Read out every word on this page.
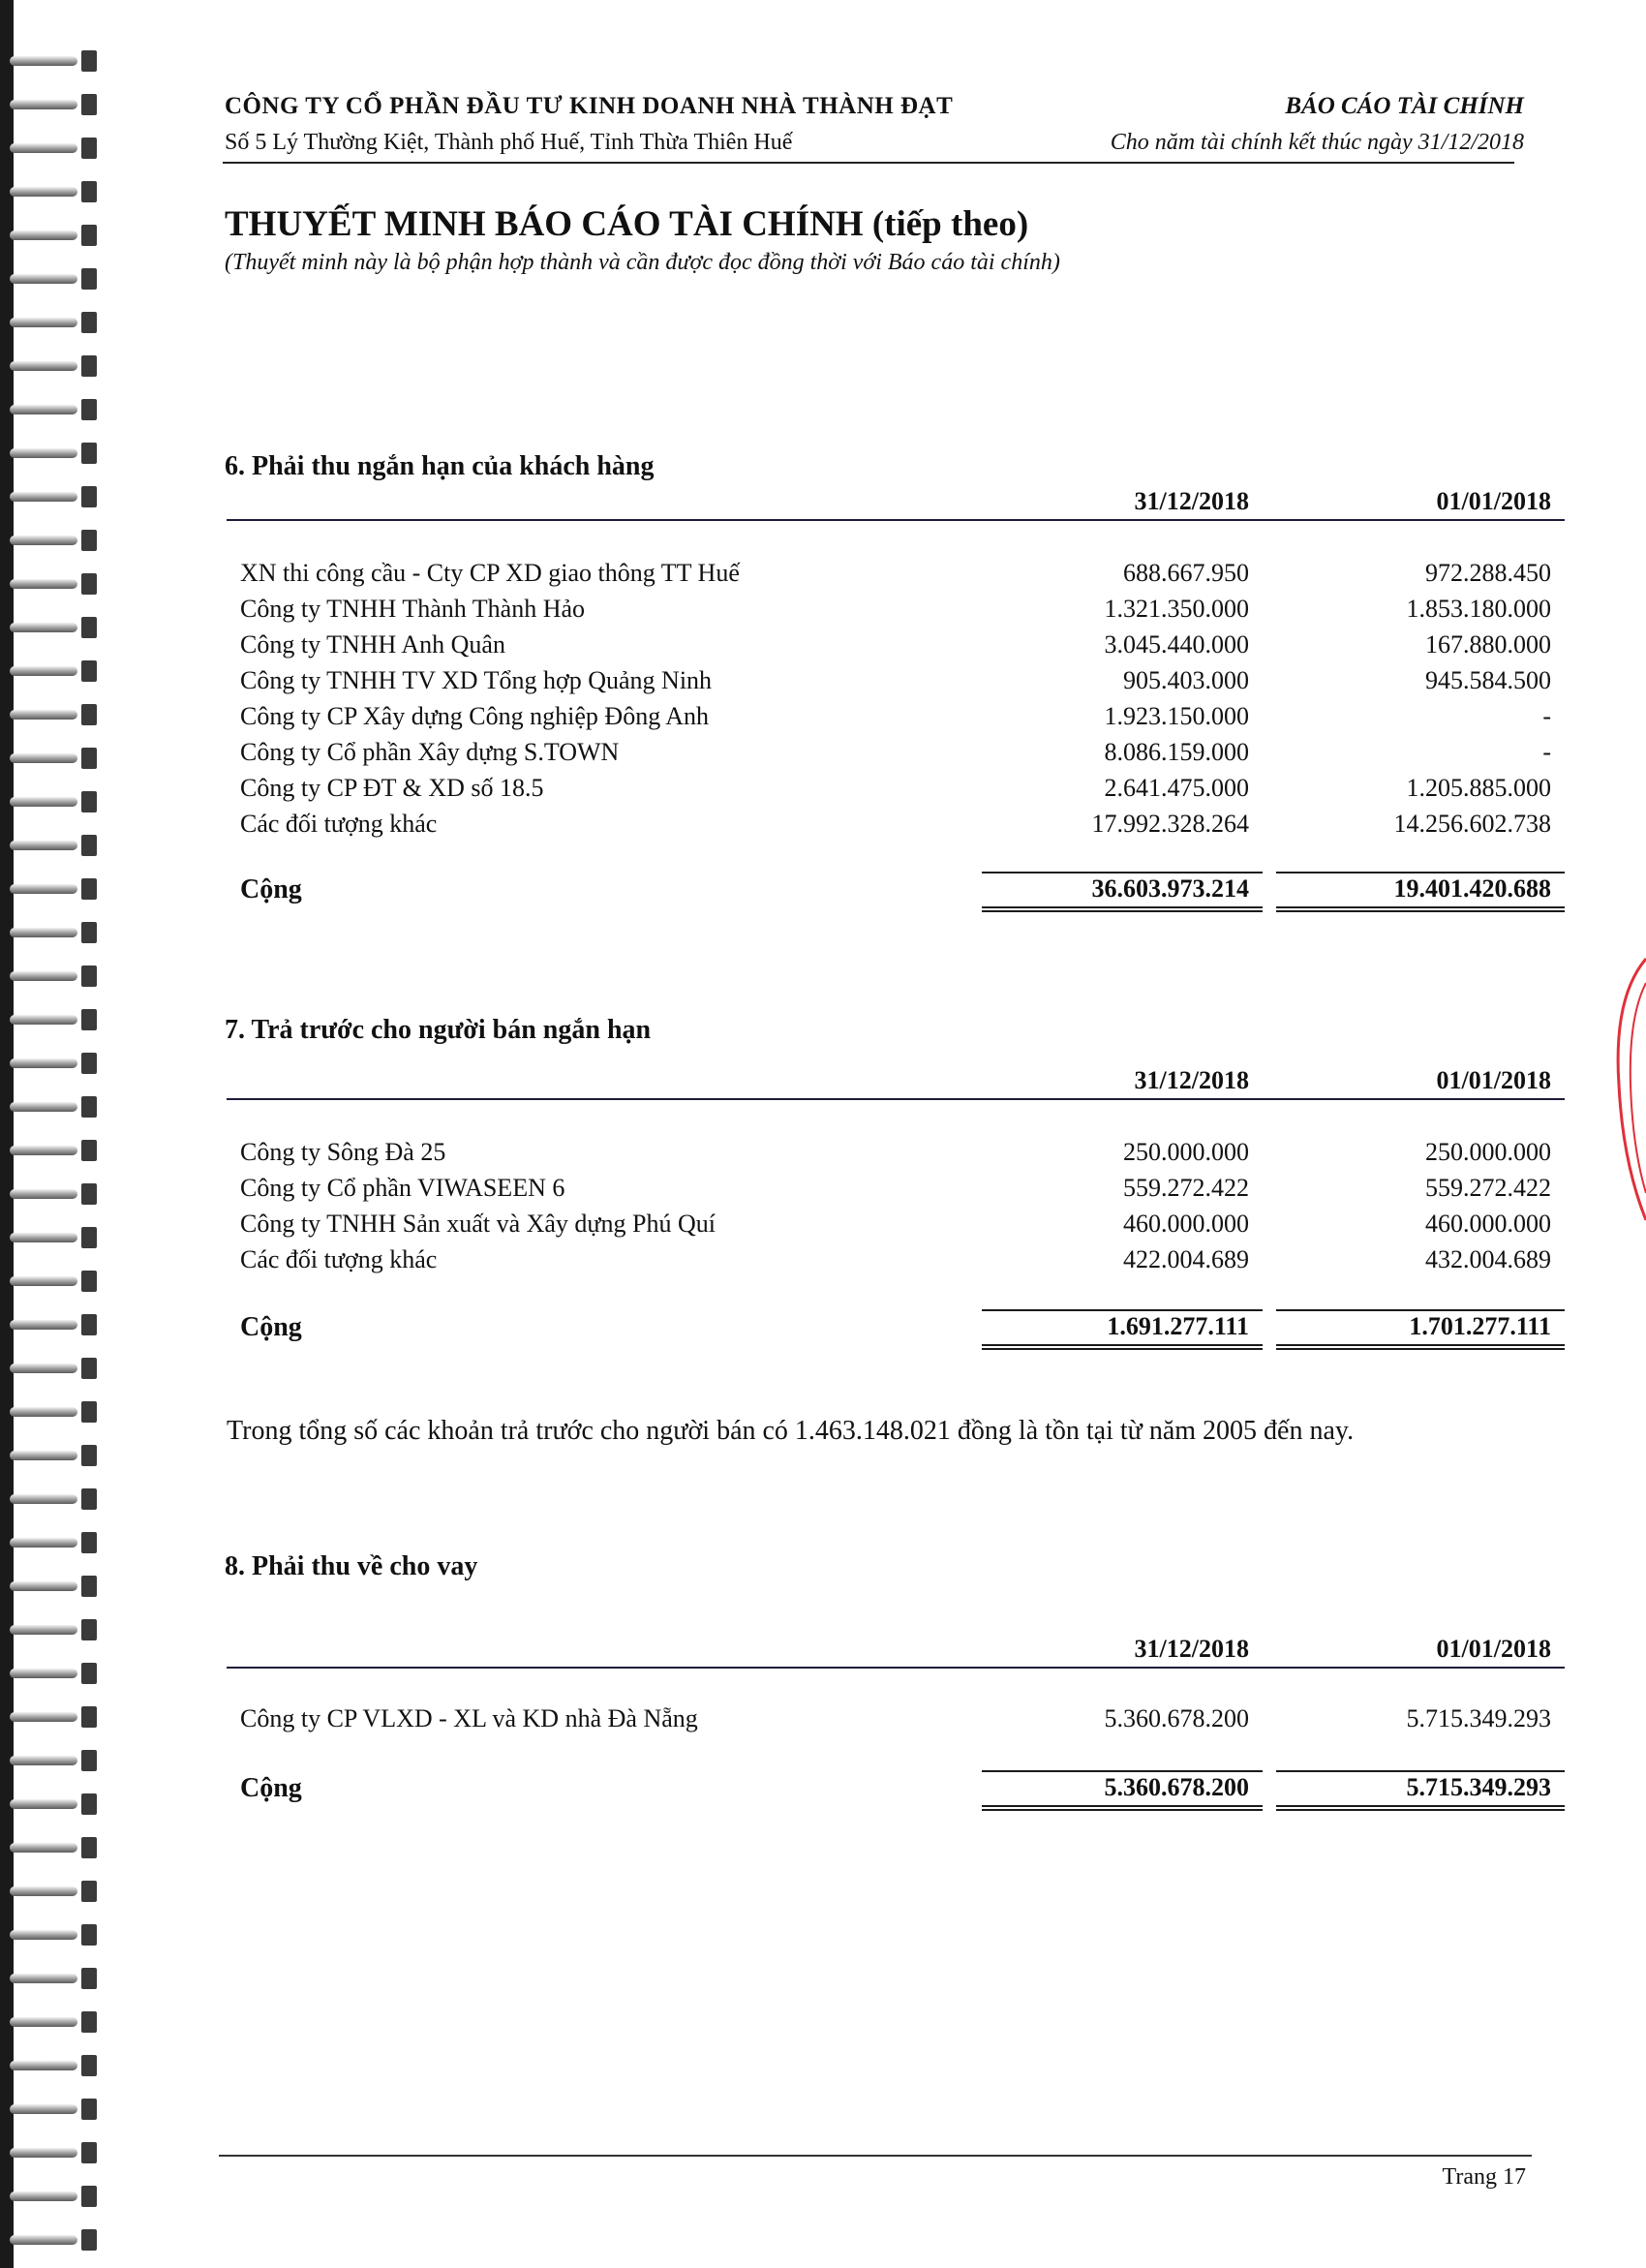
CÔNG TY CỔ PHẦN ĐẦU TƯ KINH DOANH NHÀ THÀNH ĐẠT
Số 5 Lý Thường Kiệt, Thành phố Huế, Tỉnh Thừa Thiên Huế
BÁO CÁO TÀI CHÍNH
Cho năm tài chính kết thúc ngày 31/12/2018
THUYẾT MINH BÁO CÁO TÀI CHÍNH (tiếp theo)
(Thuyết minh này là bộ phận hợp thành và cần được đọc đồng thời với Báo cáo tài chính)
6. Phải thu ngắn hạn của khách hàng
31/12/2018	01/01/2018
XN thi công cầu - Cty CP XD giao thông TT Huế	688.667.950	972.288.450
Công ty TNHH Thành Thành Hảo	1.321.350.000	1.853.180.000
Công ty TNHH Anh Quân	3.045.440.000	167.880.000
Công ty TNHH TV XD Tổng hợp Quảng Ninh	905.403.000	945.584.500
Công ty CP Xây dựng Công nghiệp Đông Anh	1.923.150.000	-
Công ty Cổ phần Xây dựng S.TOWN	8.086.159.000	-
Công ty CP ĐT & XD số 18.5	2.641.475.000	1.205.885.000
Các đối tượng khác	17.992.328.264	14.256.602.738
Cộng	36.603.973.214	19.401.420.688
7. Trả trước cho người bán ngắn hạn
31/12/2018	01/01/2018
Công ty Sông Đà 25	250.000.000	250.000.000
Công ty Cổ phần VIWASEEN 6	559.272.422	559.272.422
Công ty TNHH Sản xuất và Xây dựng Phú Quí	460.000.000	460.000.000
Các đối tượng khác	422.004.689	432.004.689
Cộng	1.691.277.111	1.701.277.111
Trong tổng số các khoản trả trước cho người bán có 1.463.148.021 đồng là tồn tại từ năm 2005 đến nay.
8. Phải thu về cho vay
31/12/2018	01/01/2018
Công ty CP VLXD - XL và KD nhà Đà Nẵng	5.360.678.200	5.715.349.293
Cộng	5.360.678.200	5.715.349.293
Trang 17
